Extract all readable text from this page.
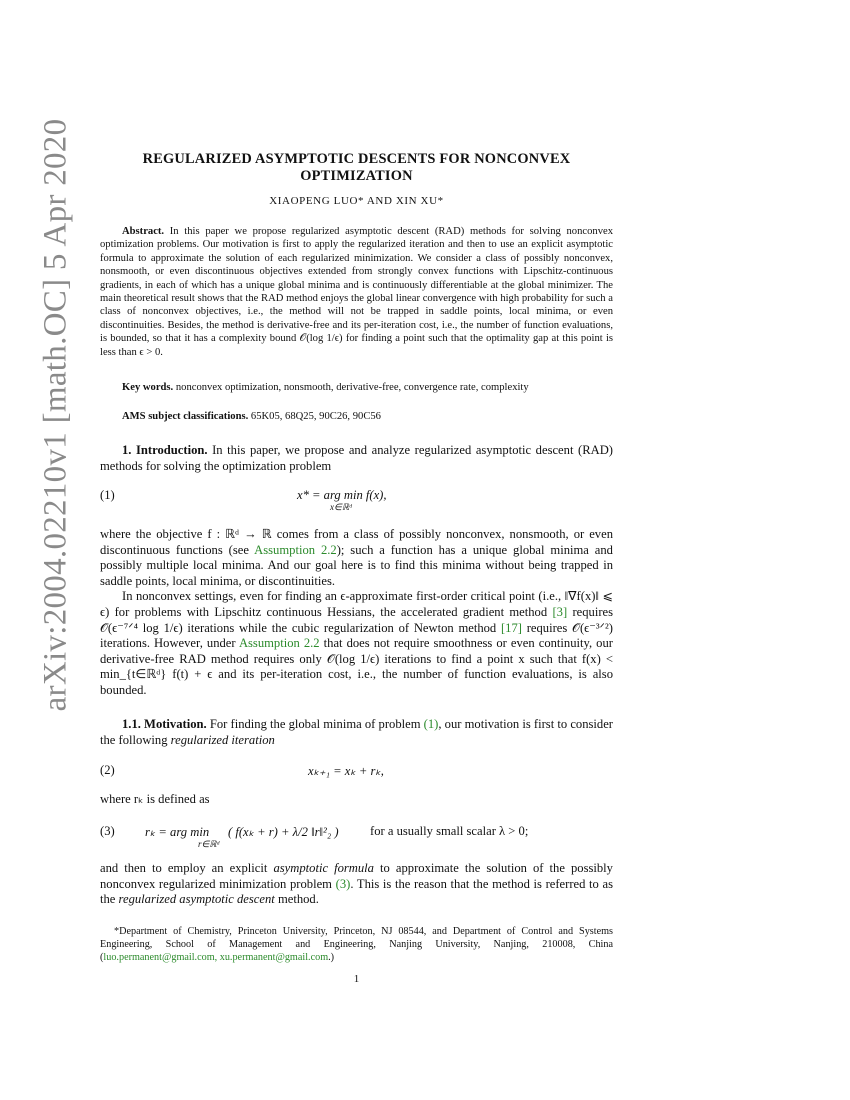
arXiv:2004.02210v1 [math.OC] 5 Apr 2020	REGULARIZED ASYMPTOTIC DESCENTS FOR NONCONVEX
OPTIMIZATION
XIAOPENG LUO* AND XIN XU*
Abstract. In this paper we propose regularized asymptotic descent (RAD) methods for solving nonconvex optimization problems. Our motivation is first to apply the regularized iteration and then to use an explicit asymptotic formula to approximate the solution of each regularized minimization. We consider a class of possibly nonconvex, nonsmooth, or even discontinuous objectives extended from strongly convex functions with Lipschitz-continuous gradients, in each of which has a unique global minima and is continuously differentiable at the global minimizer. The main theoretical result shows that the RAD method enjoys the global linear convergence with high probability for such a class of nonconvex objectives, i.e., the method will not be trapped in saddle points, local minima, or even discontinuities. Besides, the method is derivative-free and its per-iteration cost, i.e., the number of function evaluations, is bounded, so that it has a complexity bound 𝒪(log 1/ϵ) for finding a point such that the optimality gap at this point is less than ϵ > 0.
Key words. nonconvex optimization, nonsmooth, derivative-free, convergence rate, complexity
AMS subject classifications. 65K05, 68Q25, 90C26, 90C56
1. Introduction. In this paper, we propose and analyze regularized asymptotic descent (RAD) methods for solving the optimization problem
(1)	x* = arg min f(x),
x∈ℝᵈ

where the objective f : ℝᵈ → ℝ comes from a class of possibly nonconvex, nonsmooth, or even discontinuous functions (see Assumption 2.2); such a function has a unique global minima and possibly multiple local minima. And our goal here is to find this minima without being trapped in saddle points, local minima, or discontinuities.

In nonconvex settings, even for finding an ϵ-approximate first-order critical point (i.e., ‖∇f(x)‖ ⩽ ϵ) for problems with Lipschitz continuous Hessians, the accelerated gradient method [3] requires 𝒪(ϵ⁻⁷ᐟ⁴ log 1/ϵ) iterations while the cubic regularization of Newton method [17] requires 𝒪(ϵ⁻³ᐟ²) iterations. However, under Assumption 2.2 that does not require smoothness or even continuity, our derivative-free RAD method requires only 𝒪(log 1/ϵ) iterations to find a point x such that f(x) < min_{t∈ℝᵈ} f(t) + ϵ and its per-iteration cost, i.e., the number of function evaluations, is also bounded.

1.1. Motivation. For finding the global minima of problem (1), our motivation is first to consider the following regularized iteration
(2)	xₖ₊₁ = xₖ + rₖ,
where rₖ is defined as
(3) rₖ = arg min
r∈ℝᵈ
( f(xₖ + r) + λ/2 ‖r‖²₂ ) for a usually small scalar λ > 0;
and then to employ an explicit asymptotic formula to approximate the solution of the possibly nonconvex regularized minimization problem (3). This is the reason that the method is referred to as the regularized asymptotic descent method.
*Department of Chemistry, Princeton University, Princeton, NJ 08544, and Department of Control and Systems Engineering, School of Management and Engineering, Nanjing University, Nanjing, 210008, China (luo.permanent@gmail.com, xu.permanent@gmail.com.)
1
